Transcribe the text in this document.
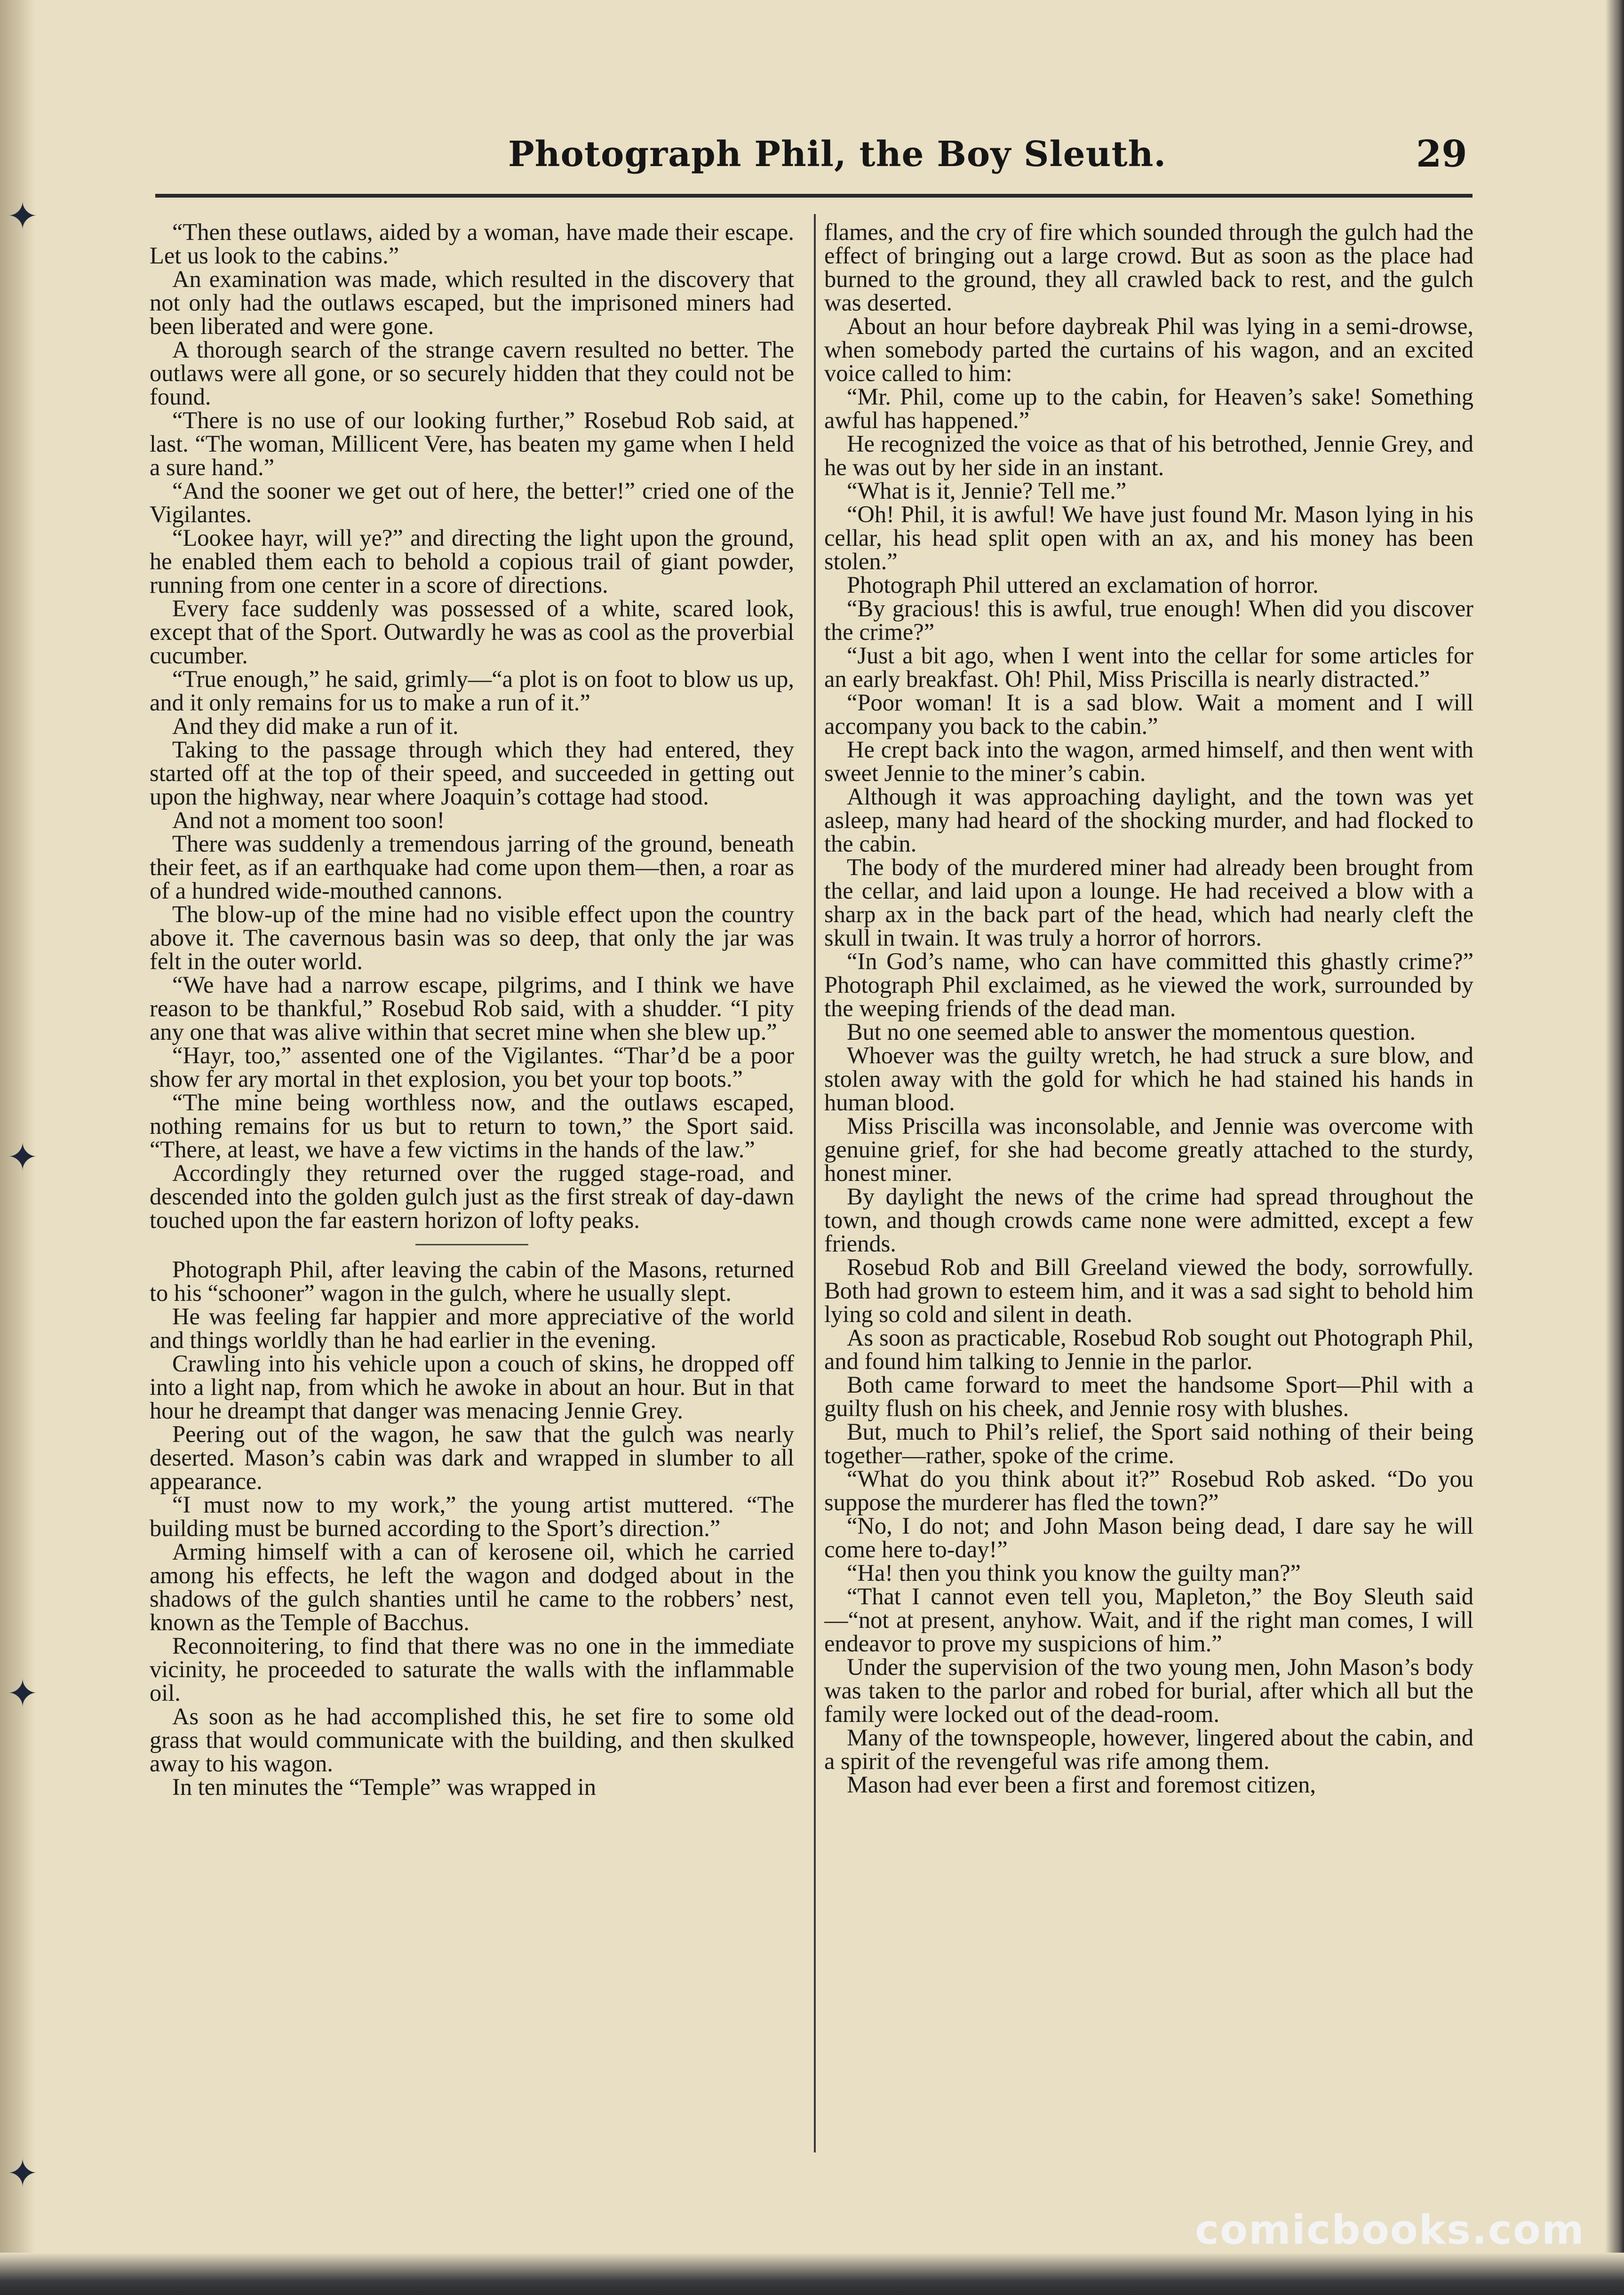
✦
✦
✦
✦
Photograph Phil, the Boy Sleuth.	29

“Then these outlaws, aided by a woman, have made their escape. Let us look to the cabins.”

An examination was made, which resulted in the discovery that not only had the outlaws escaped, but the imprisoned miners had been liberated and were gone.

A thorough search of the strange cavern resulted no better. The outlaws were all gone, or so securely hidden that they could not be found.

“There is no use of our looking further,” Rosebud Rob said, at last. “The woman, Millicent Vere, has beaten my game when I held a sure hand.”

“And the sooner we get out of here, the better!” cried one of the Vigilantes.

“Lookee hayr, will ye?” and directing the light upon the ground, he enabled them each to behold a copious trail of giant powder, running from one center in a score of directions.

Every face suddenly was possessed of a white, scared look, except that of the Sport. Outwardly he was as cool as the proverbial cucumber.

“True enough,” he said, grimly—“a plot is on foot to blow us up, and it only remains for us to make a run of it.”

And they did make a run of it.

Taking to the passage through which they had entered, they started off at the top of their speed, and succeeded in getting out upon the highway, near where Joaquin’s cottage had stood.

And not a moment too soon!

There was suddenly a tremendous jarring of the ground, beneath their feet, as if an earthquake had come upon them—then, a roar as of a hundred wide-mouthed cannons.

The blow-up of the mine had no visible effect upon the country above it. The cavernous basin was so deep, that only the jar was felt in the outer world.

“We have had a narrow escape, pilgrims, and I think we have reason to be thankful,” Rosebud Rob said, with a shudder. “I pity any one that was alive within that secret mine when she blew up.”

“Hayr, too,” assented one of the Vigilantes. “Thar’d be a poor show fer ary mortal in thet explosion, you bet your top boots.”

“The mine being worthless now, and the outlaws escaped, nothing remains for us but to return to town,” the Sport said. “There, at least, we have a few victims in the hands of the law.”

Accordingly they returned over the rugged stage-road, and descended into the golden gulch just as the first streak of day-dawn touched upon the far eastern horizon of lofty peaks.

Photograph Phil, after leaving the cabin of the Masons, returned to his “schooner” wagon in the gulch, where he usually slept.

He was feeling far happier and more appreciative of the world and things worldly than he had earlier in the evening.

Crawling into his vehicle upon a couch of skins, he dropped off into a light nap, from which he awoke in about an hour. But in that hour he dreampt that danger was menacing Jennie Grey.

Peering out of the wagon, he saw that the gulch was nearly deserted. Mason’s cabin was dark and wrapped in slumber to all appearance.

“I must now to my work,” the young artist muttered. “The building must be burned according to the Sport’s direction.”

Arming himself with a can of kerosene oil, which he carried among his effects, he left the wagon and dodged about in the shadows of the gulch shanties until he came to the robbers’ nest, known as the Temple of Bacchus.

Reconnoitering, to find that there was no one in the immediate vicinity, he proceeded to saturate the walls with the inflammable oil.

As soon as he had accomplished this, he set fire to some old grass that would communicate with the building, and then skulked away to his wagon.

In ten minutes the “Temple” was wrapped in

flames, and the cry of fire which sounded through the gulch had the effect of bringing out a large crowd. But as soon as the place had burned to the ground, they all crawled back to rest, and the gulch was deserted.

About an hour before daybreak Phil was lying in a semi-drowse, when somebody parted the curtains of his wagon, and an excited voice called to him:

“Mr. Phil, come up to the cabin, for Heaven’s sake! Something awful has happened.”

He recognized the voice as that of his betrothed, Jennie Grey, and he was out by her side in an instant.

“What is it, Jennie? Tell me.”

“Oh! Phil, it is awful! We have just found Mr. Mason lying in his cellar, his head split open with an ax, and his money has been stolen.”

Photograph Phil uttered an exclamation of horror.

“By gracious! this is awful, true enough! When did you discover the crime?”

“Just a bit ago, when I went into the cellar for some articles for an early breakfast. Oh! Phil, Miss Priscilla is nearly distracted.”

“Poor woman! It is a sad blow. Wait a moment and I will accompany you back to the cabin.”

He crept back into the wagon, armed himself, and then went with sweet Jennie to the miner’s cabin.

Although it was approaching daylight, and the town was yet asleep, many had heard of the shocking murder, and had flocked to the cabin.

The body of the murdered miner had already been brought from the cellar, and laid upon a lounge. He had received a blow with a sharp ax in the back part of the head, which had nearly cleft the skull in twain. It was truly a horror of horrors.

“In God’s name, who can have committed this ghastly crime?” Photograph Phil exclaimed, as he viewed the work, surrounded by the weeping friends of the dead man.

But no one seemed able to answer the momentous question.

Whoever was the guilty wretch, he had struck a sure blow, and stolen away with the gold for which he had stained his hands in human blood.

Miss Priscilla was inconsolable, and Jennie was overcome with genuine grief, for she had become greatly attached to the sturdy, honest miner.

By daylight the news of the crime had spread throughout the town, and though crowds came none were admitted, except a few friends.

Rosebud Rob and Bill Greeland viewed the body, sorrowfully. Both had grown to esteem him, and it was a sad sight to behold him lying so cold and silent in death.

As soon as practicable, Rosebud Rob sought out Photograph Phil, and found him talking to Jennie in the parlor.

Both came forward to meet the handsome Sport—Phil with a guilty flush on his cheek, and Jennie rosy with blushes.

But, much to Phil’s relief, the Sport said nothing of their being together—rather, spoke of the crime.

“What do you think about it?” Rosebud Rob asked. “Do you suppose the murderer has fled the town?”

“No, I do not; and John Mason being dead, I dare say he will come here to-day!”

“Ha! then you think you know the guilty man?”

“That I cannot even tell you, Mapleton,” the Boy Sleuth said—“not at present, anyhow. Wait, and if the right man comes, I will endeavor to prove my suspicions of him.”

Under the supervision of the two young men, John Mason’s body was taken to the parlor and robed for burial, after which all but the family were locked out of the dead-room.

Many of the townspeople, however, lingered about the cabin, and a spirit of the revengeful was rife among them.

Mason had ever been a first and foremost citizen,

comicbooks.com
